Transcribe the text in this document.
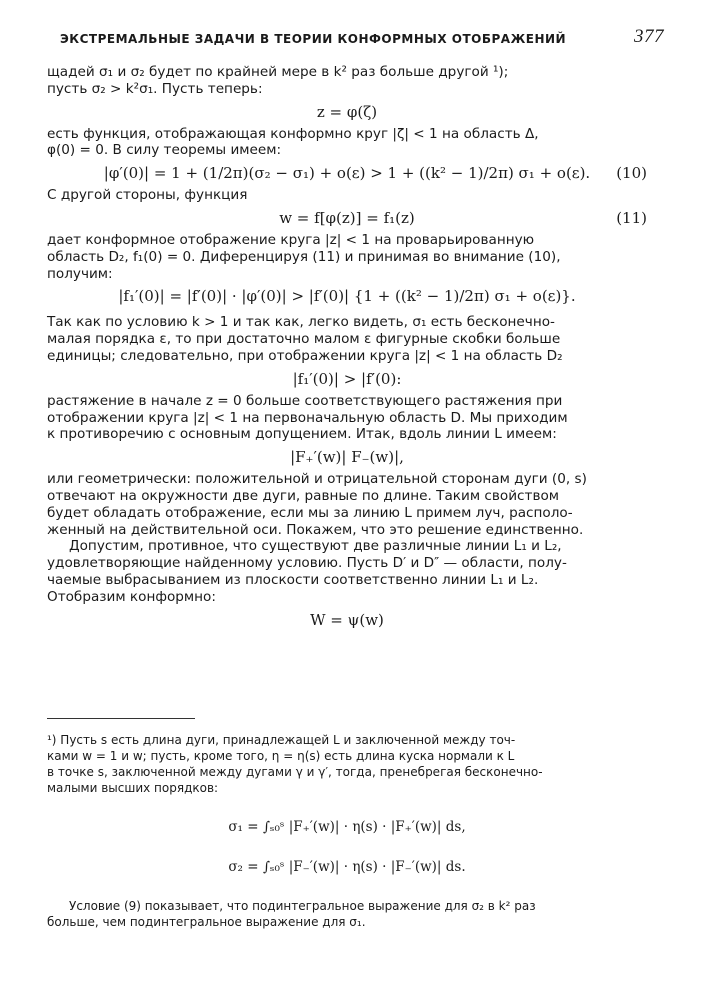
ЭКСТРЕМАЛЬНЫЕ ЗАДАЧИ В ТЕОРИИ КОНФОРМНЫХ ОТОБРАЖЕНИЙ	377

щадей σ₁ и σ₂ будет по крайней мере в k² раз больше другой ¹);

пусть σ₂ > k²σ₁. Пусть теперь:

z = φ(ζ)

есть функция, отображающая конформно круг |ζ| < 1 на область Δ,

φ(0) = 0. В силу теоремы имеем:

|φ′(0)| = 1 + (1/2π)(σ₂ − σ₁) + o(ε) > 1 + ((k² − 1)/2π) σ₁ + o(ε). (10)

С другой стороны, функция

w = f[φ(z)] = f₁(z)	(11)

дает конформное отображение круга |z| < 1 на проварьированную

область D₂, f₁(0) = 0. Диференцируя (11) и принимая во внимание (10),

получим:

|f₁′(0)| = |f′(0)| · |φ′(0)| > |f′(0)| {1 + ((k² − 1)/2π) σ₁ + o(ε)}.

Так как по условию k > 1 и так как, легко видеть, σ₁ есть бесконечно-

малая порядка ε, то при достаточно малом ε фигурные скобки больше

единицы; следовательно, при отображении круга |z| < 1 на область D₂

|f₁′(0)| > |f′(0):

растяжение в начале z = 0 больше соответствующего растяжения при

отображении круга |z| < 1 на первоначальную область D. Мы приходим

к противоречию с основным допущением. Итак, вдоль линии L имеем:

|F₊′(w)| F₋(w)|,

или геометрически: положительной и отрицательной сторонам дуги (0, s)

отвечают на окружности две дуги, равные по длине. Таким свойством

будет обладать отображение, если мы за линию L примем луч, располо-

женный на действительной оси. Покажем, что это решение единственно.

Допустим, противное, что существуют две различные линии L₁ и L₂,

удовлетворяющие найденному условию. Пусть D′ и D″ — области, полу-

чаемые выбрасыванием из плоскости соответственно линии L₁ и L₂.

Отобразим конформно:

W = ψ(w)

¹) Пусть s есть длина дуги, принадлежащей L и заключенной между точ-

ками w = 1 и w; пусть, кроме того, η = η(s) есть длина куска нормали к L

в точке s, заключенной между дугами γ и γ′, тогда, пренебрегая бесконечно-

малыми высших порядков:

σ₁ = ∫ₛ₀ˢ |F₊′(w)| · η(s) · |F₊′(w)| ds,
σ₂ = ∫ₛ₀ˢ |F₋′(w)| · η(s) · |F₋′(w)| ds.

Условие (9) показывает, что подинтегральное выражение для σ₂ в k² раз

больше, чем подинтегральное выражение для σ₁.
